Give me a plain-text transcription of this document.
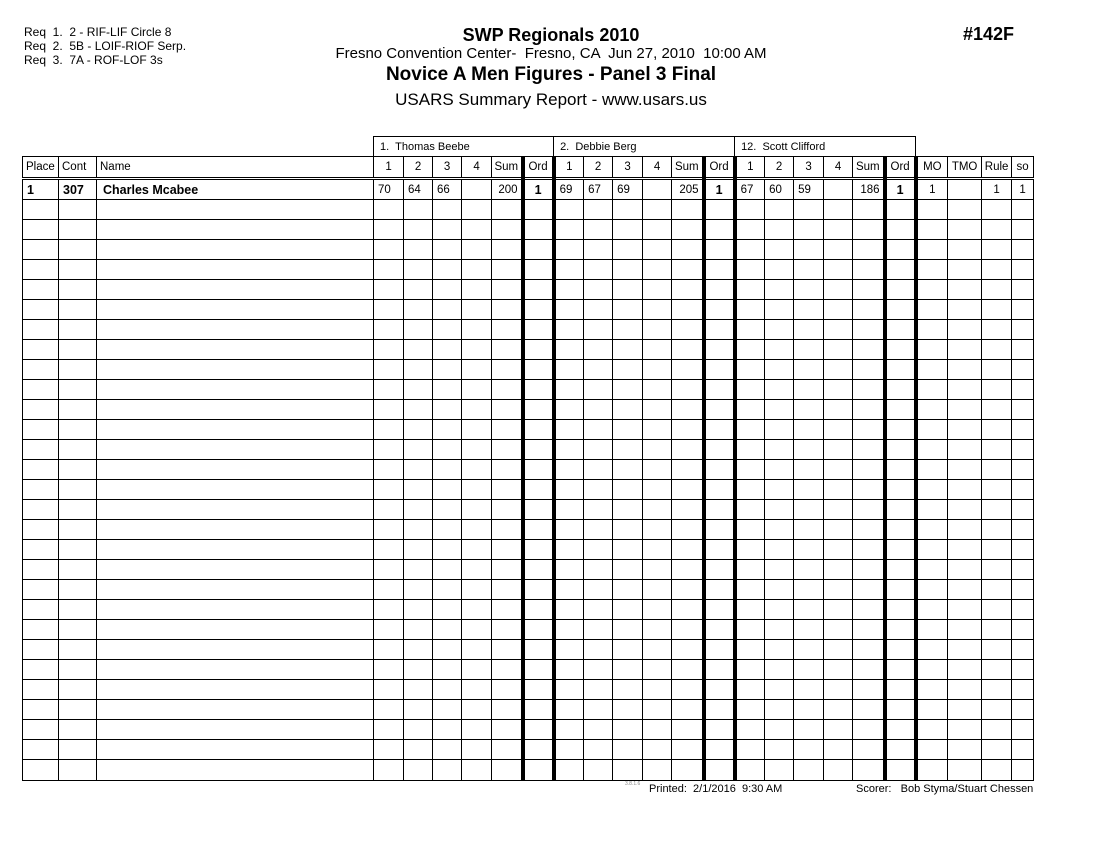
Req  1.  2 - RIF-LIF Circle 8
Req  2.  5B - LOIF-RIOF Serp.
Req  3.  7A - ROF-LOF 3s
SWP Regionals 2010
Fresno Convention Center-  Fresno, CA  Jun 27, 2010  10:00 AM
Novice A Men Figures - Panel 3 Final
USARS Summary Report - www.usars.us
#142F
			1.  Thomas Beebe						2.  Debbie Berg						12.  Scott Clifford									
Place	Cont	Name	1	2	3	4	Sum	Ord	1	2	3	4	Sum	Ord	1	2	3	4	Sum	Ord	MO	TMO	Rule	so
1	307	Charles Mcabee	70	64	66		200	1	69	67	69		205	1	67	60	59		186	1	1		1	1

3.8.1.6 Printed:  2/1/2016  9:30 AM	Scorer:   Bob Styma/Stuart Chessen
